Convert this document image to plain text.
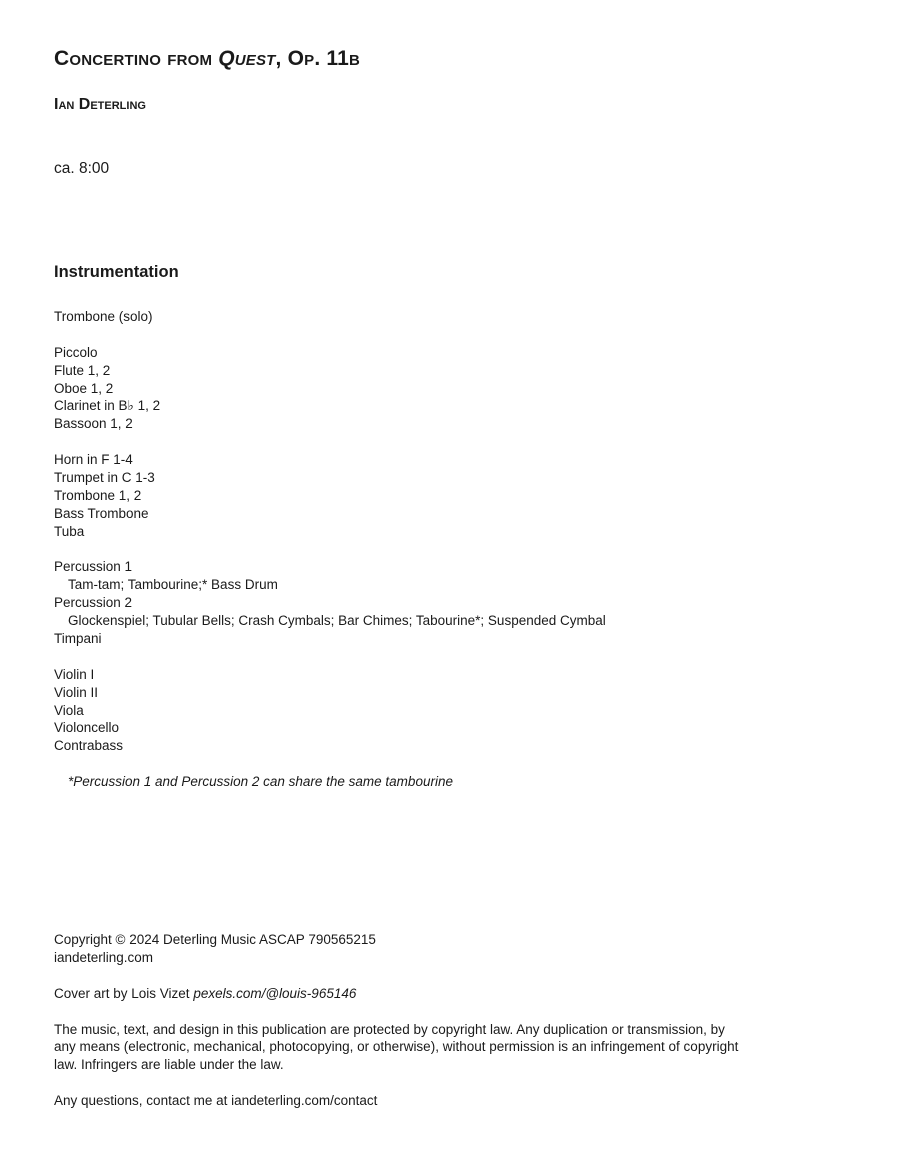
Concertino from Quest, Op. 11b
Ian Deterling

ca. 8:00

Instrumentation
Trombone (solo)
Piccolo
Flute 1, 2
Oboe 1, 2
Clarinet in B♭ 1, 2
Bassoon 1, 2
Horn in F 1-4
Trumpet in C 1-3
Trombone 1, 2
Bass Trombone
Tuba
Percussion 1
Tam-tam; Tambourine;* Bass Drum
Percussion 2
Glockenspiel; Tubular Bells; Crash Cymbals; Bar Chimes; Tabourine*; Suspended Cymbal
Timpani
Violin I
Violin II
Viola
Violoncello
Contrabass
*Percussion 1 and Percussion 2 can share the same tambourine

Copyright © 2024 Deterling Music ASCAP 790565215

iandeterling.com

Cover art by Lois Vizet pexels.com/@louis-965146

The music, text, and design in this publication are protected by copyright law. Any duplication or transmission, by any means (electronic, mechanical, photocopying, or otherwise), without permission is an infringement of copyright law. Infringers are liable under the law.

Any questions, contact me at iandeterling.com/contact
